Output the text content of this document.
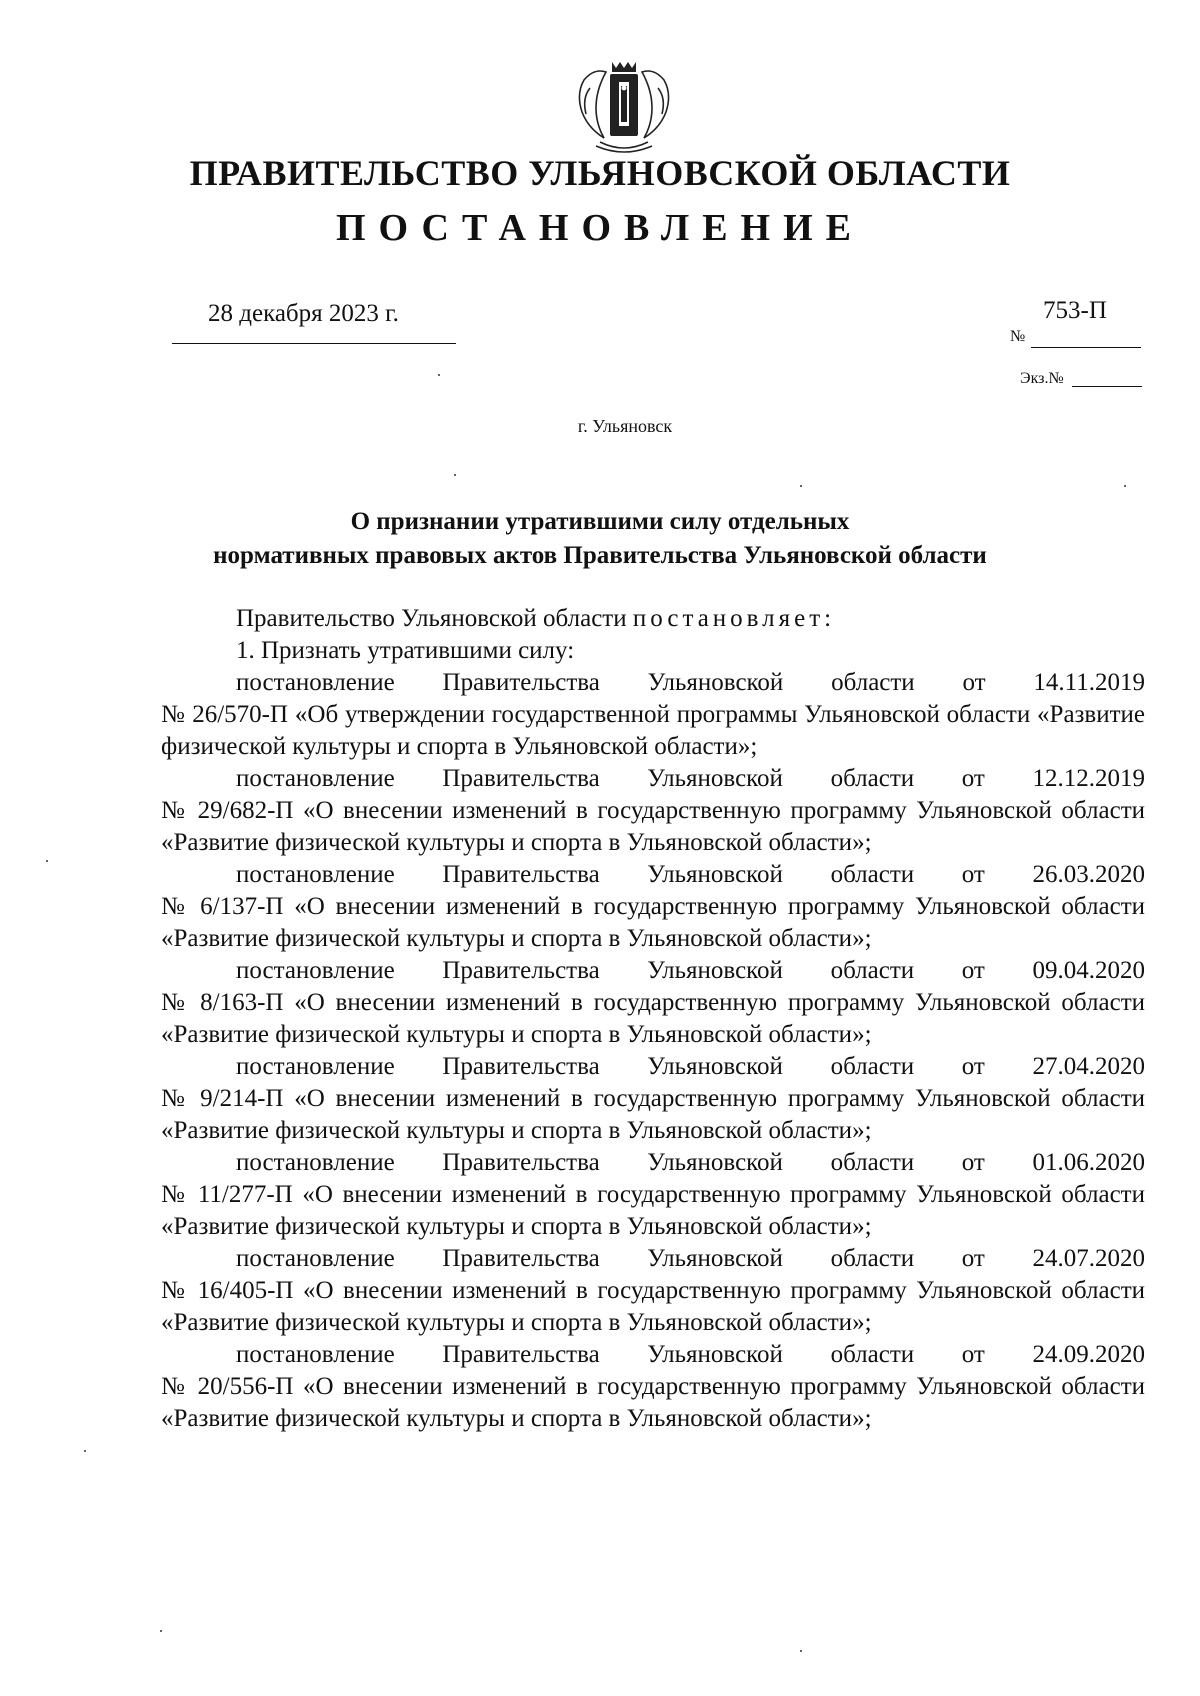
ПРАВИТЕЛЬСТВО УЛЬЯНОВСКОЙ ОБЛАСТИ
ПОСТАНОВЛЕНИЕ
28 декабря 2023 г.	753-П
№
Экз.№
г. Ульяновск
О признании утратившими силу отдельных
нормативных правовых актов Правительства Ульяновской области

Правительство Ульяновской области постановляет:

1. Признать утратившими силу:

постановление Правительства Ульяновской области от 14.11.2019

№ 26/570-П «Об утверждении государственной программы Ульяновской области «Развитие физической культуры и спорта в Ульяновской области»;

постановление Правительства Ульяновской области от 12.12.2019

№ 29/682-П «О внесении изменений в государственную программу Ульяновской области «Развитие физической культуры и спорта в Ульяновской области»;

постановление Правительства Ульяновской области от 26.03.2020

№ 6/137-П «О внесении изменений в государственную программу Ульяновской области «Развитие физической культуры и спорта в Ульяновской области»;

постановление Правительства Ульяновской области от 09.04.2020

№ 8/163-П «О внесении изменений в государственную программу Ульяновской области «Развитие физической культуры и спорта в Ульяновской области»;

постановление Правительства Ульяновской области от 27.04.2020

№ 9/214-П «О внесении изменений в государственную программу Ульяновской области «Развитие физической культуры и спорта в Ульяновской области»;

постановление Правительства Ульяновской области от 01.06.2020

№ 11/277-П «О внесении изменений в государственную программу Ульяновской области «Развитие физической культуры и спорта в Ульяновской области»;

постановление Правительства Ульяновской области от 24.07.2020

№ 16/405-П «О внесении изменений в государственную программу Ульяновской области «Развитие физической культуры и спорта в Ульяновской области»;

постановление Правительства Ульяновской области от 24.09.2020

№ 20/556-П «О внесении изменений в государственную программу Ульяновской области «Развитие физической культуры и спорта в Ульяновской области»;
